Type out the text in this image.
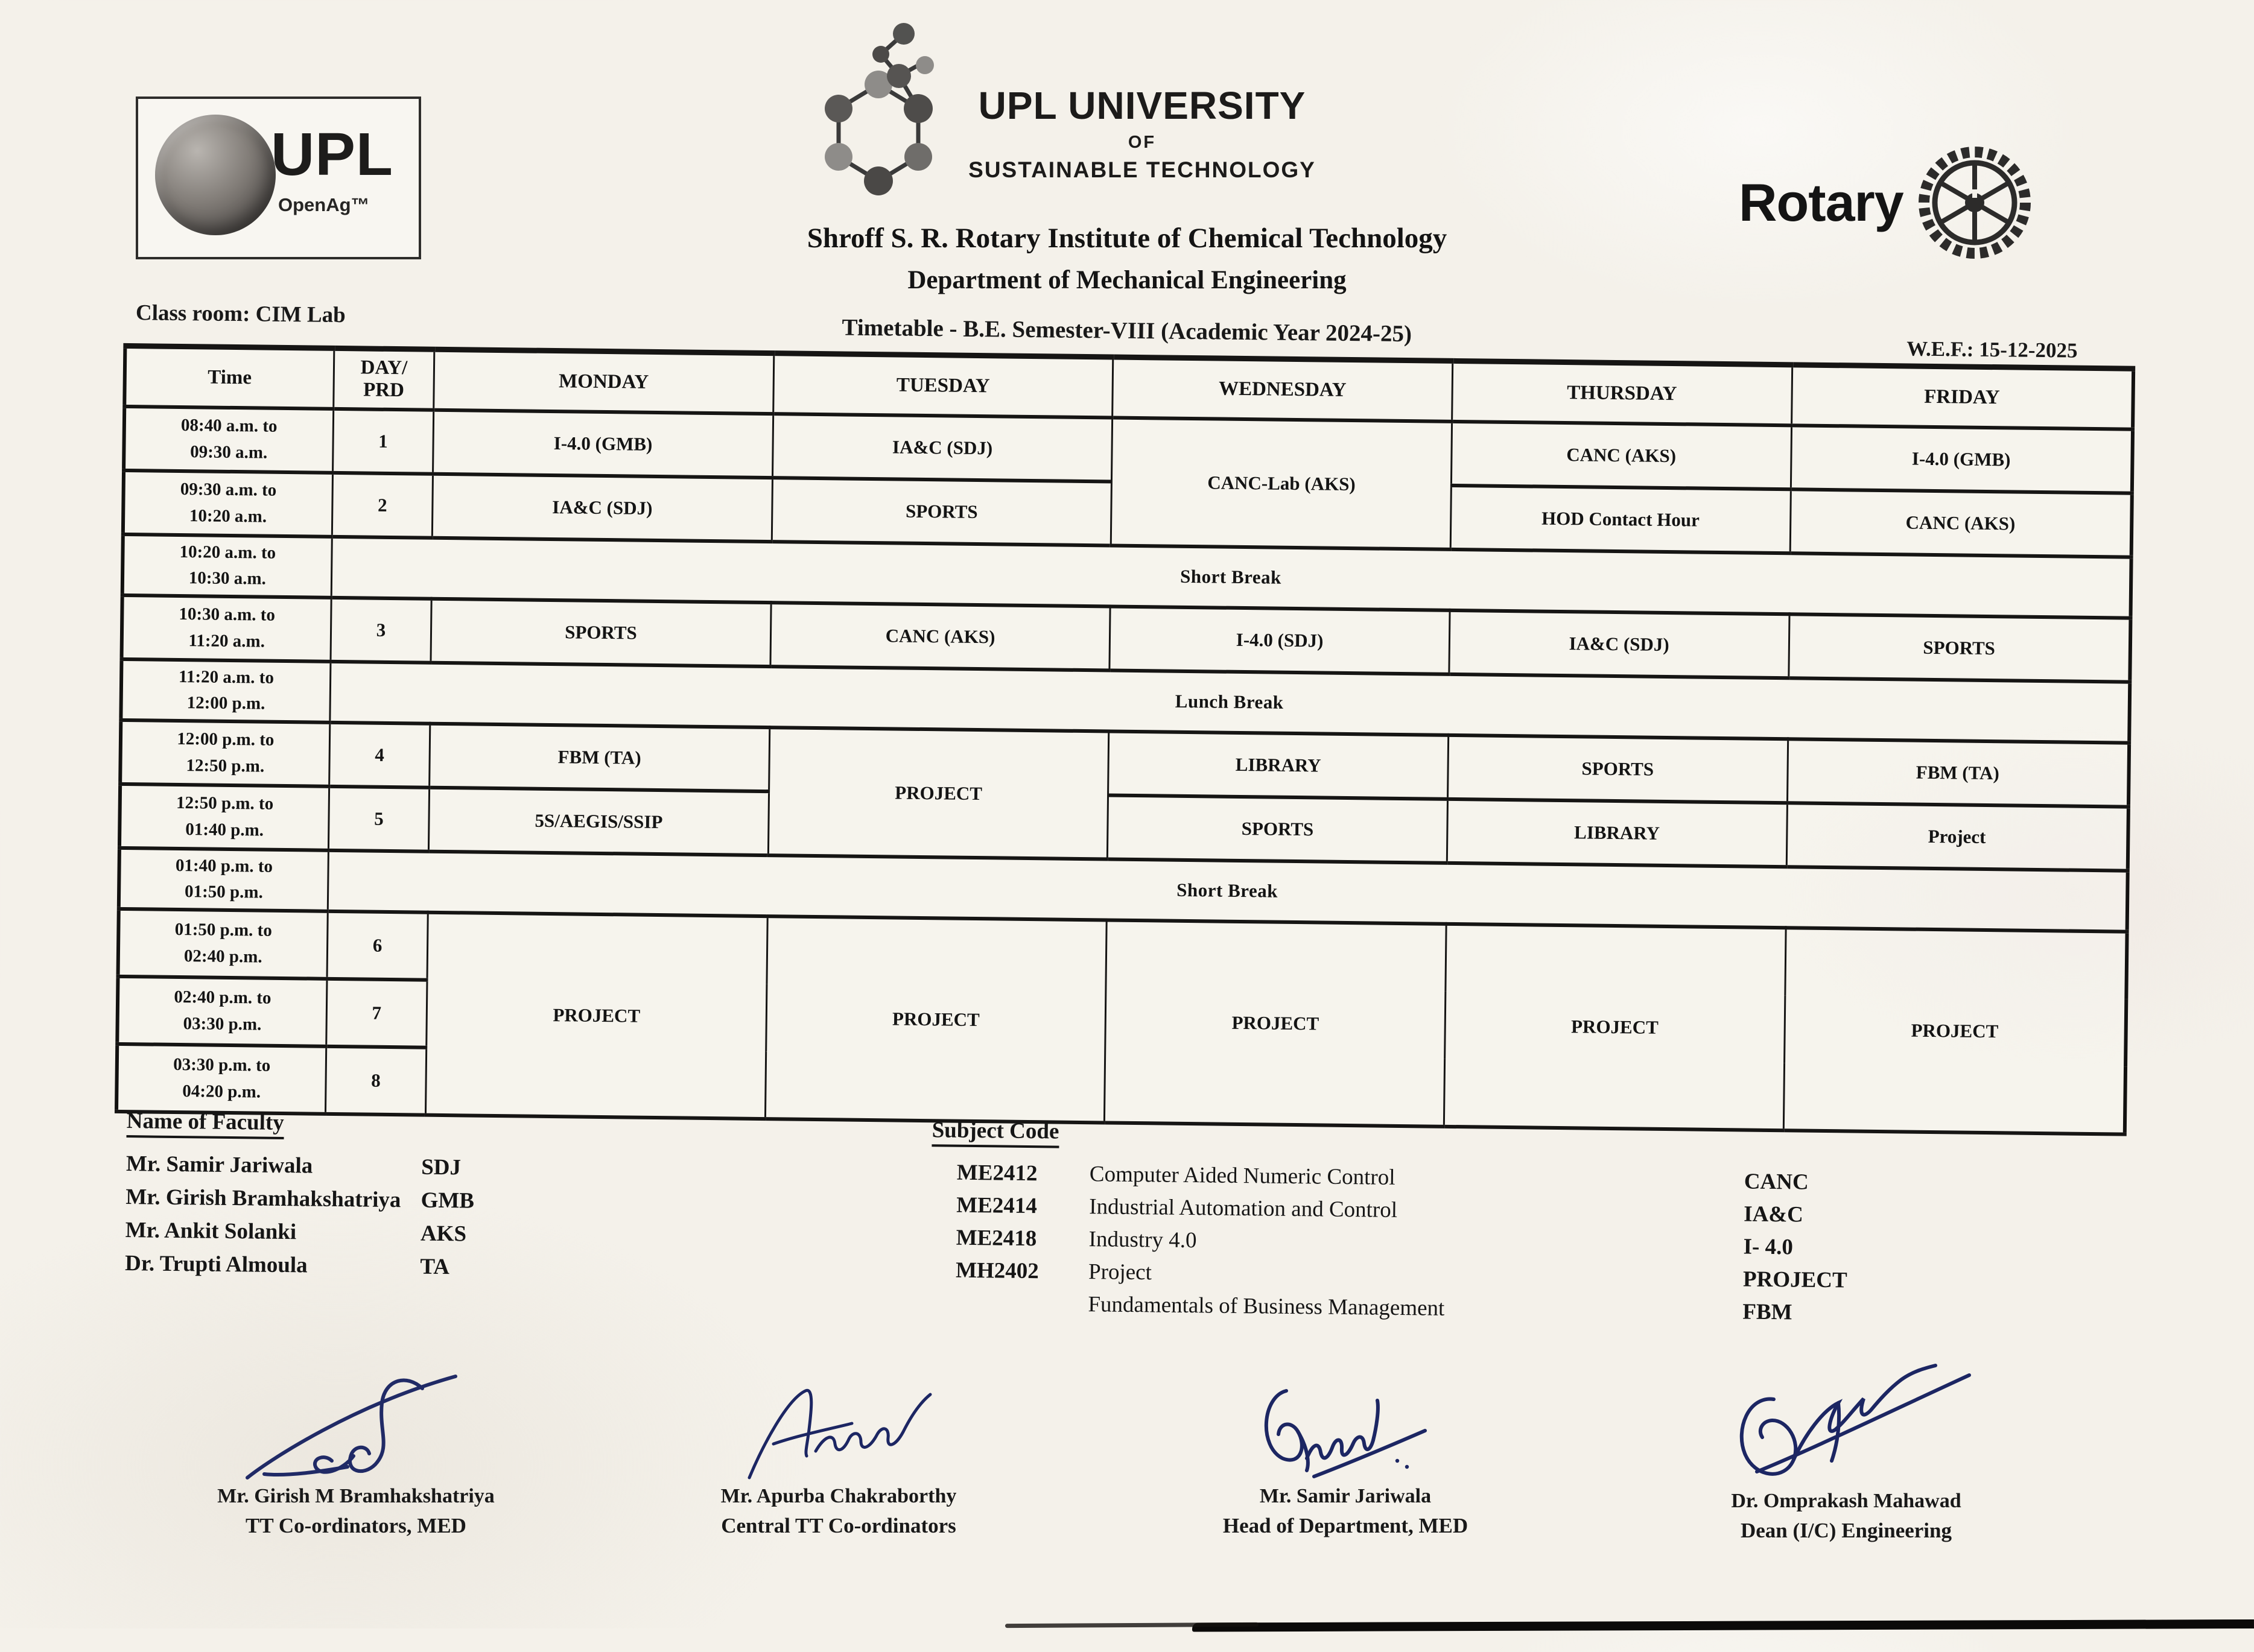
UPL
OpenAg™
UPL UNIVERSITY
OF
SUSTAINABLE TECHNOLOGY
Rotary
Shroff S. R. Rotary Institute of Chemical Technology
Department of Mechanical Engineering
Class room: CIM Lab
Timetable - B.E. Semester-VIII (Academic Year 2024-25)
W.E.F.: 15-12-2025
Time	DAY/
PRD	MONDAY	TUESDAY	WEDNESDAY	THURSDAY	FRIDAY

08:40 a.m. to
09:30 a.m.	1	I-4.0 (GMB)	IA&C (SDJ)	CANC-Lab (AKS)	CANC (AKS)	I-4.0 (GMB)

09:30 a.m. to
10:20 a.m.	2	IA&C (SDJ)	SPORTS		HOD Contact Hour	CANC (AKS)

10:20 a.m. to
10:30 a.m.	Short Break					

10:30 a.m. to
11:20 a.m.	3	SPORTS	CANC (AKS)	I-4.0 (SDJ)	IA&C (SDJ)	SPORTS

11:20 a.m. to
12:00 p.m.	Lunch Break					

12:00 p.m. to
12:50 p.m.	4	FBM (TA)	PROJECT	LIBRARY	SPORTS	FBM (TA)

12:50 p.m. to
01:40 p.m.	5	5S/AEGIS/SSIP		SPORTS	LIBRARY	Project

01:40 p.m. to
01:50 p.m.	Short Break					

01:50 p.m. to
02:40 p.m.	6	PROJECT	PROJECT	PROJECT	PROJECT	PROJECT

02:40 p.m. to
03:30 p.m.	7					

03:30 p.m. to
04:20 p.m.	8					
Name of Faculty
Mr. Samir Jariwala	SDJ
Mr. Girish Bramhakshatriya GMB
Mr. Ankit Solanki	AKS
Dr. Trupti Almoula	TA
Subject Code
ME2412	Computer Aided Numeric Control	CANC
ME2414	Industrial Automation and Control	IA&C
ME2418	Industry 4.0	I- 4.0
MH2402	Project	PROJECT
Fundamentals of Business Management	FBM
Mr. Girish M Bramhakshatriya
TT Co-ordinators, MED
Mr. Apurba Chakraborthy
Central TT Co-ordinators
Mr. Samir Jariwala
Head of Department, MED
Dr. Omprakash Mahawad
Dean (I/C) Engineering
